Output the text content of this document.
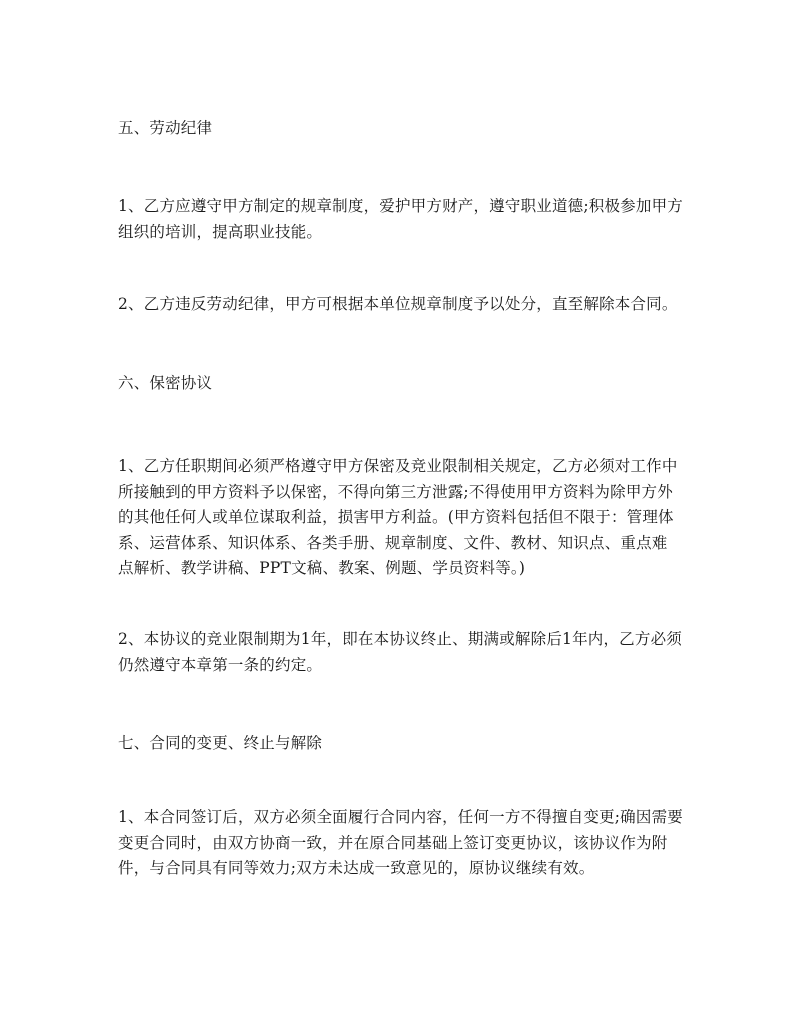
五、劳动纪律

1、乙方应遵守甲方制定的规章制度，爱护甲方财产，遵守职业道德;积极参加甲方组织的培训，提高职业技能。

2、乙方违反劳动纪律，甲方可根据本单位规章制度予以处分，直至解除本合同。

六、保密协议

1、乙方任职期间必须严格遵守甲方保密及竞业限制相关规定，乙方必须对工作中所接触到的甲方资料予以保密，不得向第三方泄露;不得使用甲方资料为除甲方外的其他任何人或单位谋取利益，损害甲方利益。(甲方资料包括但不限于：管理体系、运营体系、知识体系、各类手册、规章制度、文件、教材、知识点、重点难点解析、教学讲稿、PPT文稿、教案、例题、学员资料等。)

2、本协议的竞业限制期为1年，即在本协议终止、期满或解除后1年内，乙方必须仍然遵守本章第一条的约定。

七、合同的变更、终止与解除

1、本合同签订后，双方必须全面履行合同内容，任何一方不得擅自变更;确因需要变更合同时，由双方协商一致，并在原合同基础上签订变更协议，该协议作为附件，与合同具有同等效力;双方未达成一致意见的，原协议继续有效。
